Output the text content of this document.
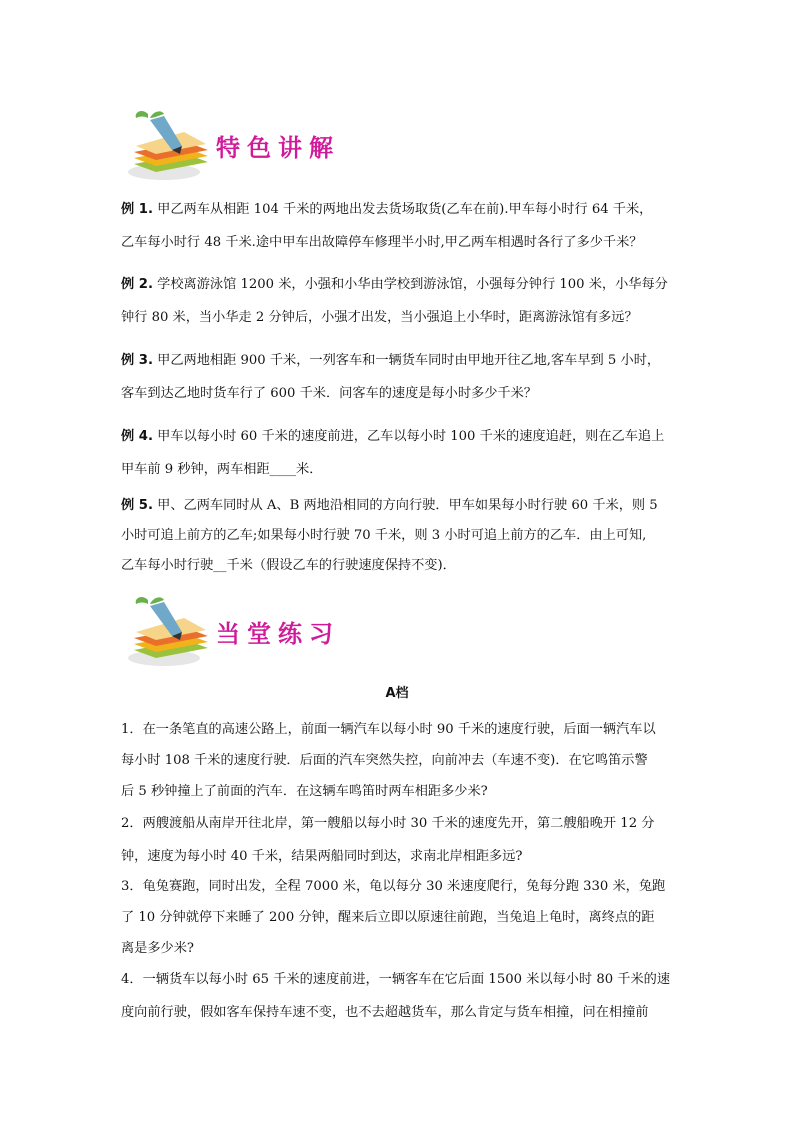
特色讲解
例 1. 甲乙两车从相距 104 千米的两地出发去货场取货(乙车在前).甲车每小时行 64 千米，
乙车每小时行 48 千米.途中甲车出故障停车修理半小时,甲乙两车相遇时各行了多少千米？
例 2. 学校离游泳馆 1200 米，小强和小华由学校到游泳馆，小强每分钟行 100 米，小华每分
钟行 80 米，当小华走 2 分钟后，小强才出发，当小强追上小华时，距离游泳馆有多远？
例 3. 甲乙两地相距 900 千米，一列客车和一辆货车同时由甲地开往乙地,客车早到 5 小时，
客车到达乙地时货车行了 600 千米．问客车的速度是每小时多少千米？
例 4. 甲车以每小时 60 千米的速度前进，乙车以每小时 100 千米的速度追赶，则在乙车追上
甲车前 9 秒钟，两车相距____米．
例 5. 甲、乙两车同时从 A、B 两地沿相同的方向行驶．甲车如果每小时行驶 60 千米，则 5
小时可追上前方的乙车;如果每小时行驶 70 千米，则 3 小时可追上前方的乙车．由上可知,
乙车每小时行驶__千米（假设乙车的行驶速度保持不变)．
当堂练习
A档
1．在一条笔直的高速公路上，前面一辆汽车以每小时 90 千米的速度行驶，后面一辆汽车以
每小时 108 千米的速度行驶．后面的汽车突然失控，向前冲去（车速不变)．在它鸣笛示警
后 5 秒钟撞上了前面的汽车．在这辆车鸣笛时两车相距多少米?
2．两艘渡船从南岸开往北岸，第一艘船以每小时 30 千米的速度先开，第二艘船晚开 12 分
钟，速度为每小时 40 千米，结果两船同时到达，求南北岸相距多远?
3．龟兔赛跑，同时出发，全程 7000 米，龟以每分 30 米速度爬行，兔每分跑 330 米，兔跑
了 10 分钟就停下来睡了 200 分钟，醒来后立即以原速往前跑，当兔追上龟时，离终点的距
离是多少米?
4．一辆货车以每小时 65 千米的速度前进，一辆客车在它后面 1500 米以每小时 80 千米的速
度向前行驶，假如客车保持车速不变，也不去超越货车，那么肯定与货车相撞，问在相撞前
